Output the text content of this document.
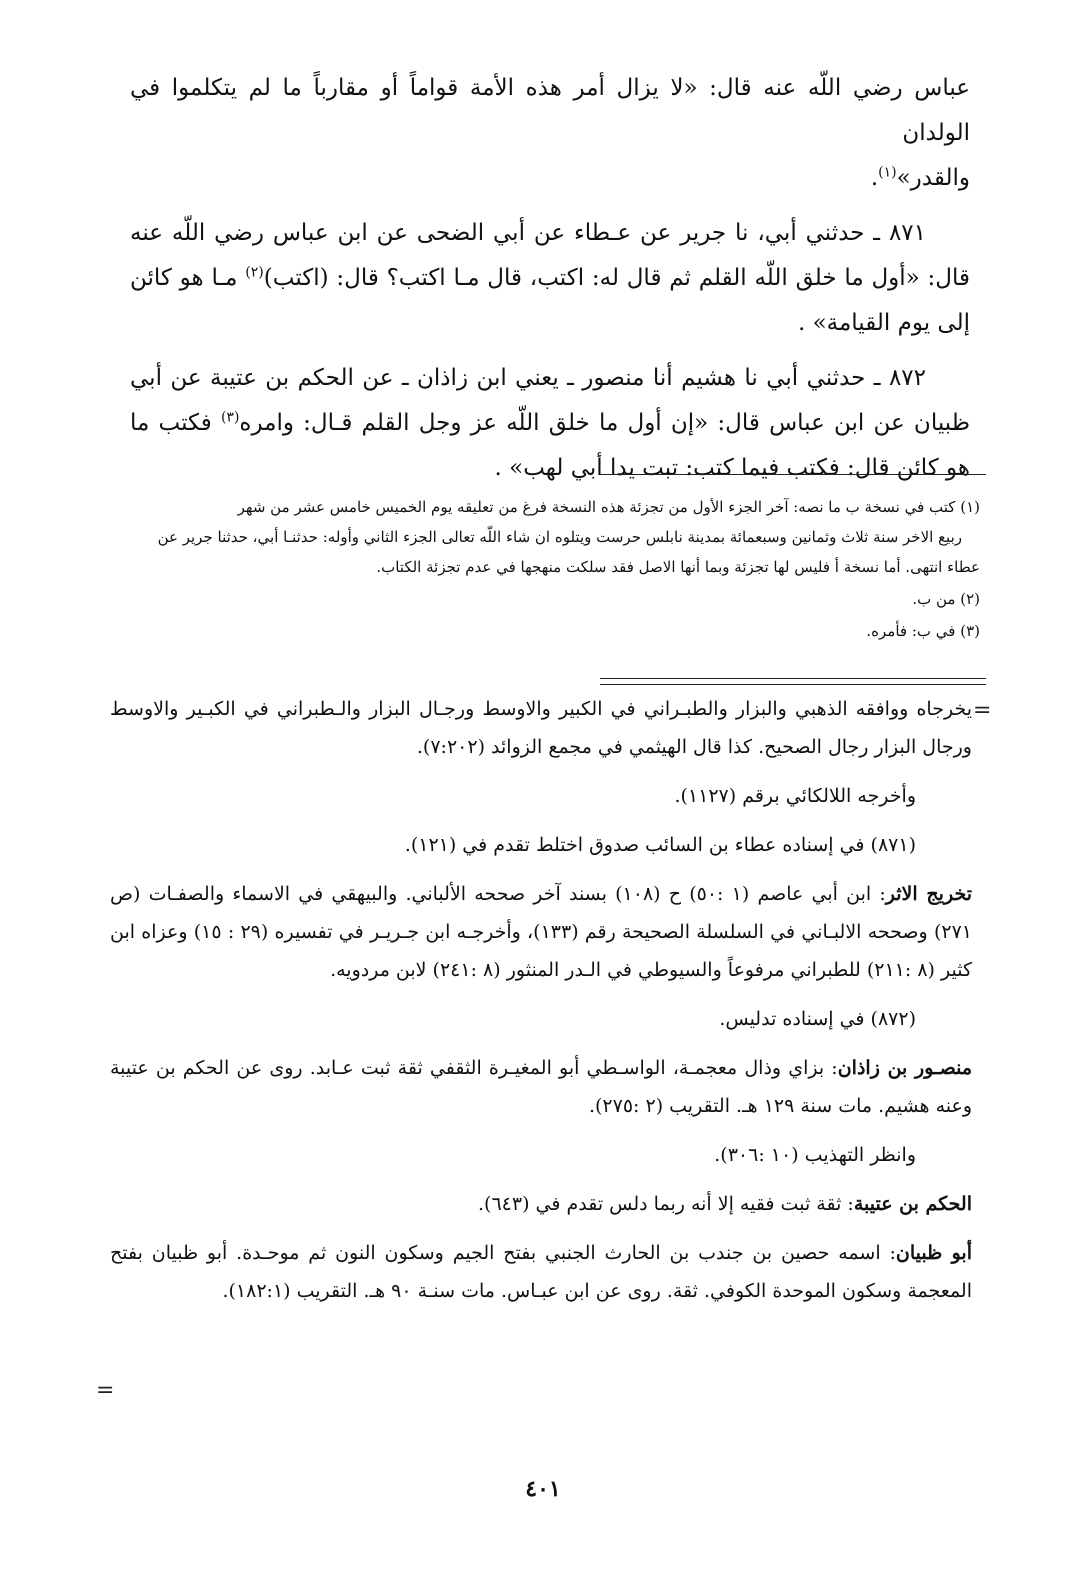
عباس رضي اللّه عنه قال: «لا يزال أمر هذه الأمة قواماً أو مقارباً ما لم يتكلموا في الولدان
والقدر»$^{(١)}$.

٨٧١ ـ حدثني أبي، نا جرير عن عـطاء عن أبي الضحى عن ابن عباس رضي اللّه عنه قال: «أول ما خلق اللّه القلم ثم قال له: اكتب، قال مـا اكتب؟ قال: (اكتب)$^{(٢)}$ مـا هو كائن إلى يوم القيامة» .

٨٧٢ ـ حدثني أبي نا هشيم أنا منصور ـ يعني ابن زاذان ـ عن الحكم بن عتيبة عن أبي ظبيان عن ابن عباس قال: «إن أول ما خلق اللّه عز وجل القلم قـال: وامره$^{(٣)}$ فكتب ما هو كائن قال: فكتب فيما كتب: تبت يدا أبي لهب» .

(١) كتب في نسخة ب ما نصه: آخر الجزء الأول من تجزئة هذه النسخة فرغ من تعليقه يوم الخميس خامس عشر من شهر
ربيع الاخر سنة ثلاث وثمانين وسبعمائة بمدينة نابلس حرست ويتلوه ان شاء اللّه تعالى الجزء الثاني وأوله: حدثنـا أبي، حدثنا جرير عن عطاء انتهى. أما نسخة أ فليس لها تجزئة وبما أنها الاصل فقد سلكت منهجها في عدم تجزئة الكتاب.

(٢) من ب.

(٣) في ب: فأمره.

=

يخرجاه ووافقه الذهبي والبزار والطبـراني في الكبير والاوسط ورجـال البزار والـطبراني في الكبـير والاوسط ورجال البزار رجال الصحيح. كذا قال الهيثمي في مجمع الزوائد (٧:٢٠٢).

وأخرجه اللالكائي برقم (١١٢٧).

(٨٧١) في إسناده عطاء بن السائب صدوق اختلط تقدم في (١٢١).

تخريج الاثر: ابن أبي عاصم (١ :٥٠) ح (١٠٨) بسند آخر صححه الألباني. والبيهقي في الاسماء والصفـات (ص ٢٧١) وصححه الالبـاني في السلسلة الصحيحة رقم (١٣٣)، وأخرجـه ابن جـريـر في تفسيره (٢٩ : ١٥) وعزاه ابن كثير (٨ :٢١١) للطبراني مرفوعاً والسيوطي في الـدر المنثور (٨ :٢٤١) لابن مردويه.

(٨٧٢) في إسناده تدليس.

منصـور بن زاذان: بزاي وذال معجمـة، الواسـطي أبو المغيـرة الثقفي ثقة ثبت عـابد. روى عن الحكم بن عتيبة وعنه هشيم. مات سنة ١٢٩ هـ. التقريب (٢ :٢٧٥).

وانظر التهذيب (١٠ :٣٠٦).

الحكم بن عتيبة: ثقة ثبت فقيه إلا أنه ربما دلس تقدم في (٦٤٣).

أبو ظبيان: اسمه حصين بن جندب بن الحارث الجنبي بفتح الجيم وسكون النون ثم موحـدة. أبو ظبيان بفتح المعجمة وسكون الموحدة الكوفي. ثقة. روى عن ابن عبـاس. مات سنـة ٩٠ هـ. التقريب (١٨٢:١).

=
٤٠١
